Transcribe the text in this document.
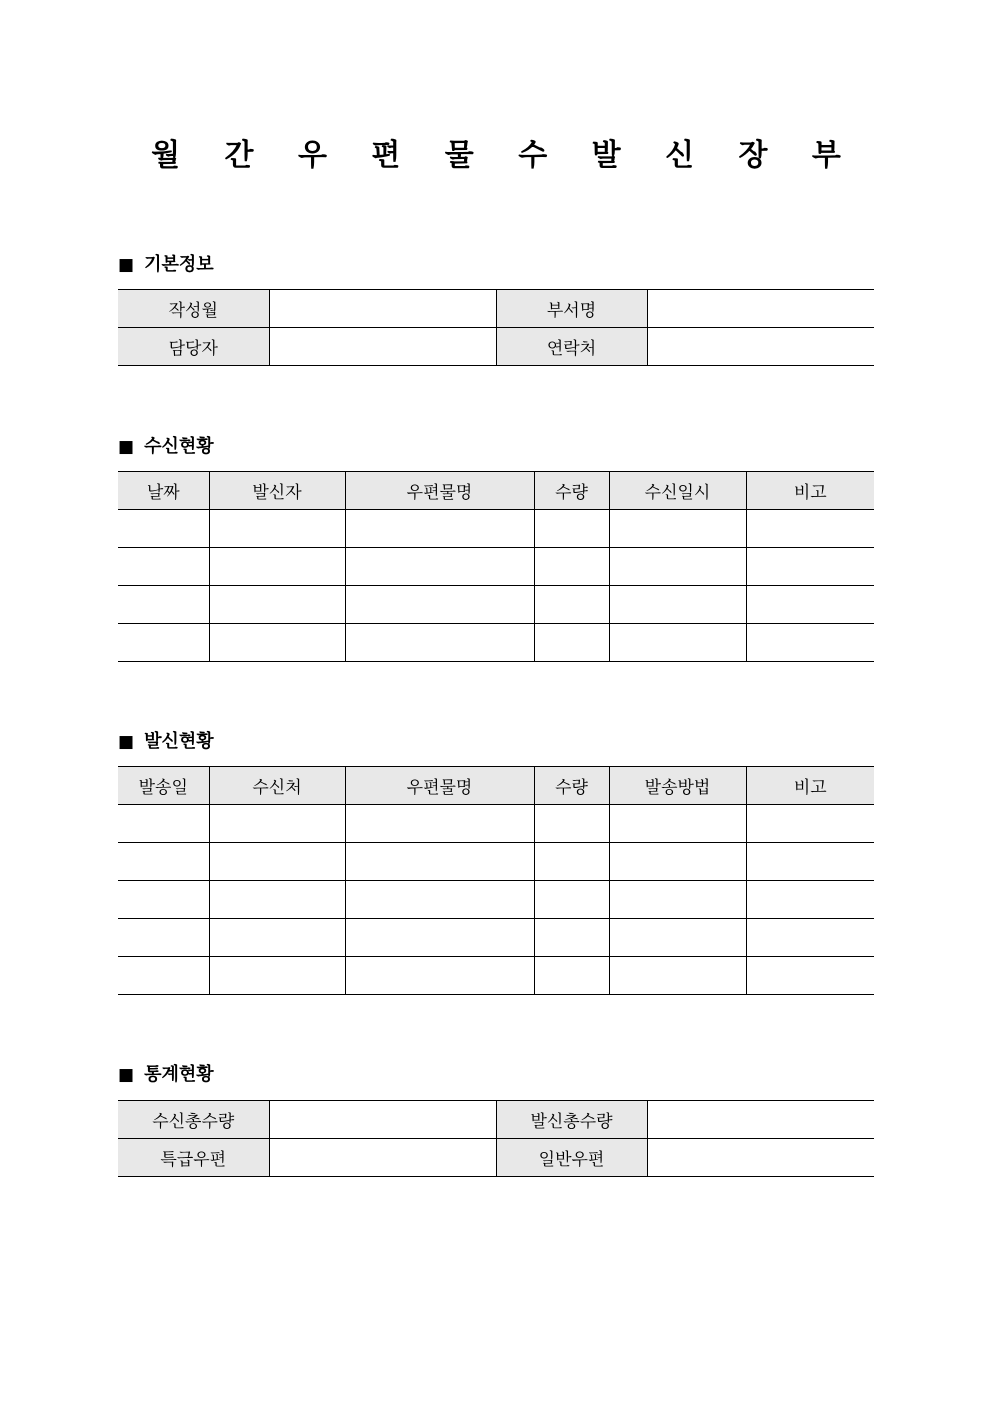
월 간 우 편 물 수 발 신 장 부
■ 기본정보
작성월		부서명	
담당자		연락처	
■ 수신현황
날짜	발신자	우편물명	수량	수신일시	비고

■ 발신현황
발송일	수신처	우편물명	수량	발송방법	비고

■ 통계현황
수신총수량		발신총수량	
특급우편		일반우편	
